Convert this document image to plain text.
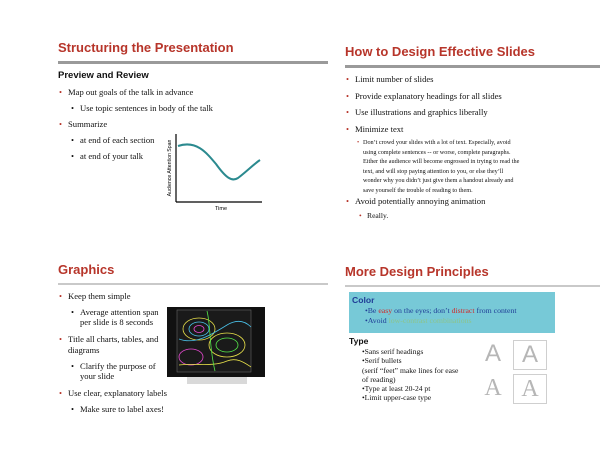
Structuring the Presentation
Preview and Review
• Map out goals of the talk in advance
• Use topic sentences in body of the talk
• Summarize
• at end of each section
• at end of your talk	Audience Attention Span
Time
How to Design Effective Slides
• Limit number of slides
• Provide explanatory headings for all slides
• Use illustrations and graphics liberally
• Minimize text
• Don’t crowd your slides with a lot of text. Especially, avoid using complete sentences -- or worse, complete paragraphs. Either the audience will become engrossed in trying to read the text, and will stop paying attention to you, or else they’ll wonder why you didn’t just give them a handout already and save yourself the trouble of reading to them.
• Avoid potentially annoying animation
• Really.
Graphics
• Keep them simple
• Average attention span per slide is 8 seconds
• Title all charts, tables, and diagrams
• Clarify the purpose of your slide
• Use clear, explanatory labels
• Make sure to label axes!
More Design Principles
Color
•Be easy on the eyes; don’t distract from content
•Avoid low-contrast combinations
Type
•Sans serif headings
•Serif bullets
(serif “feet” make lines for ease of reading)
•Type at least 20-24 pt
•Limit upper-case type
A A
A A
